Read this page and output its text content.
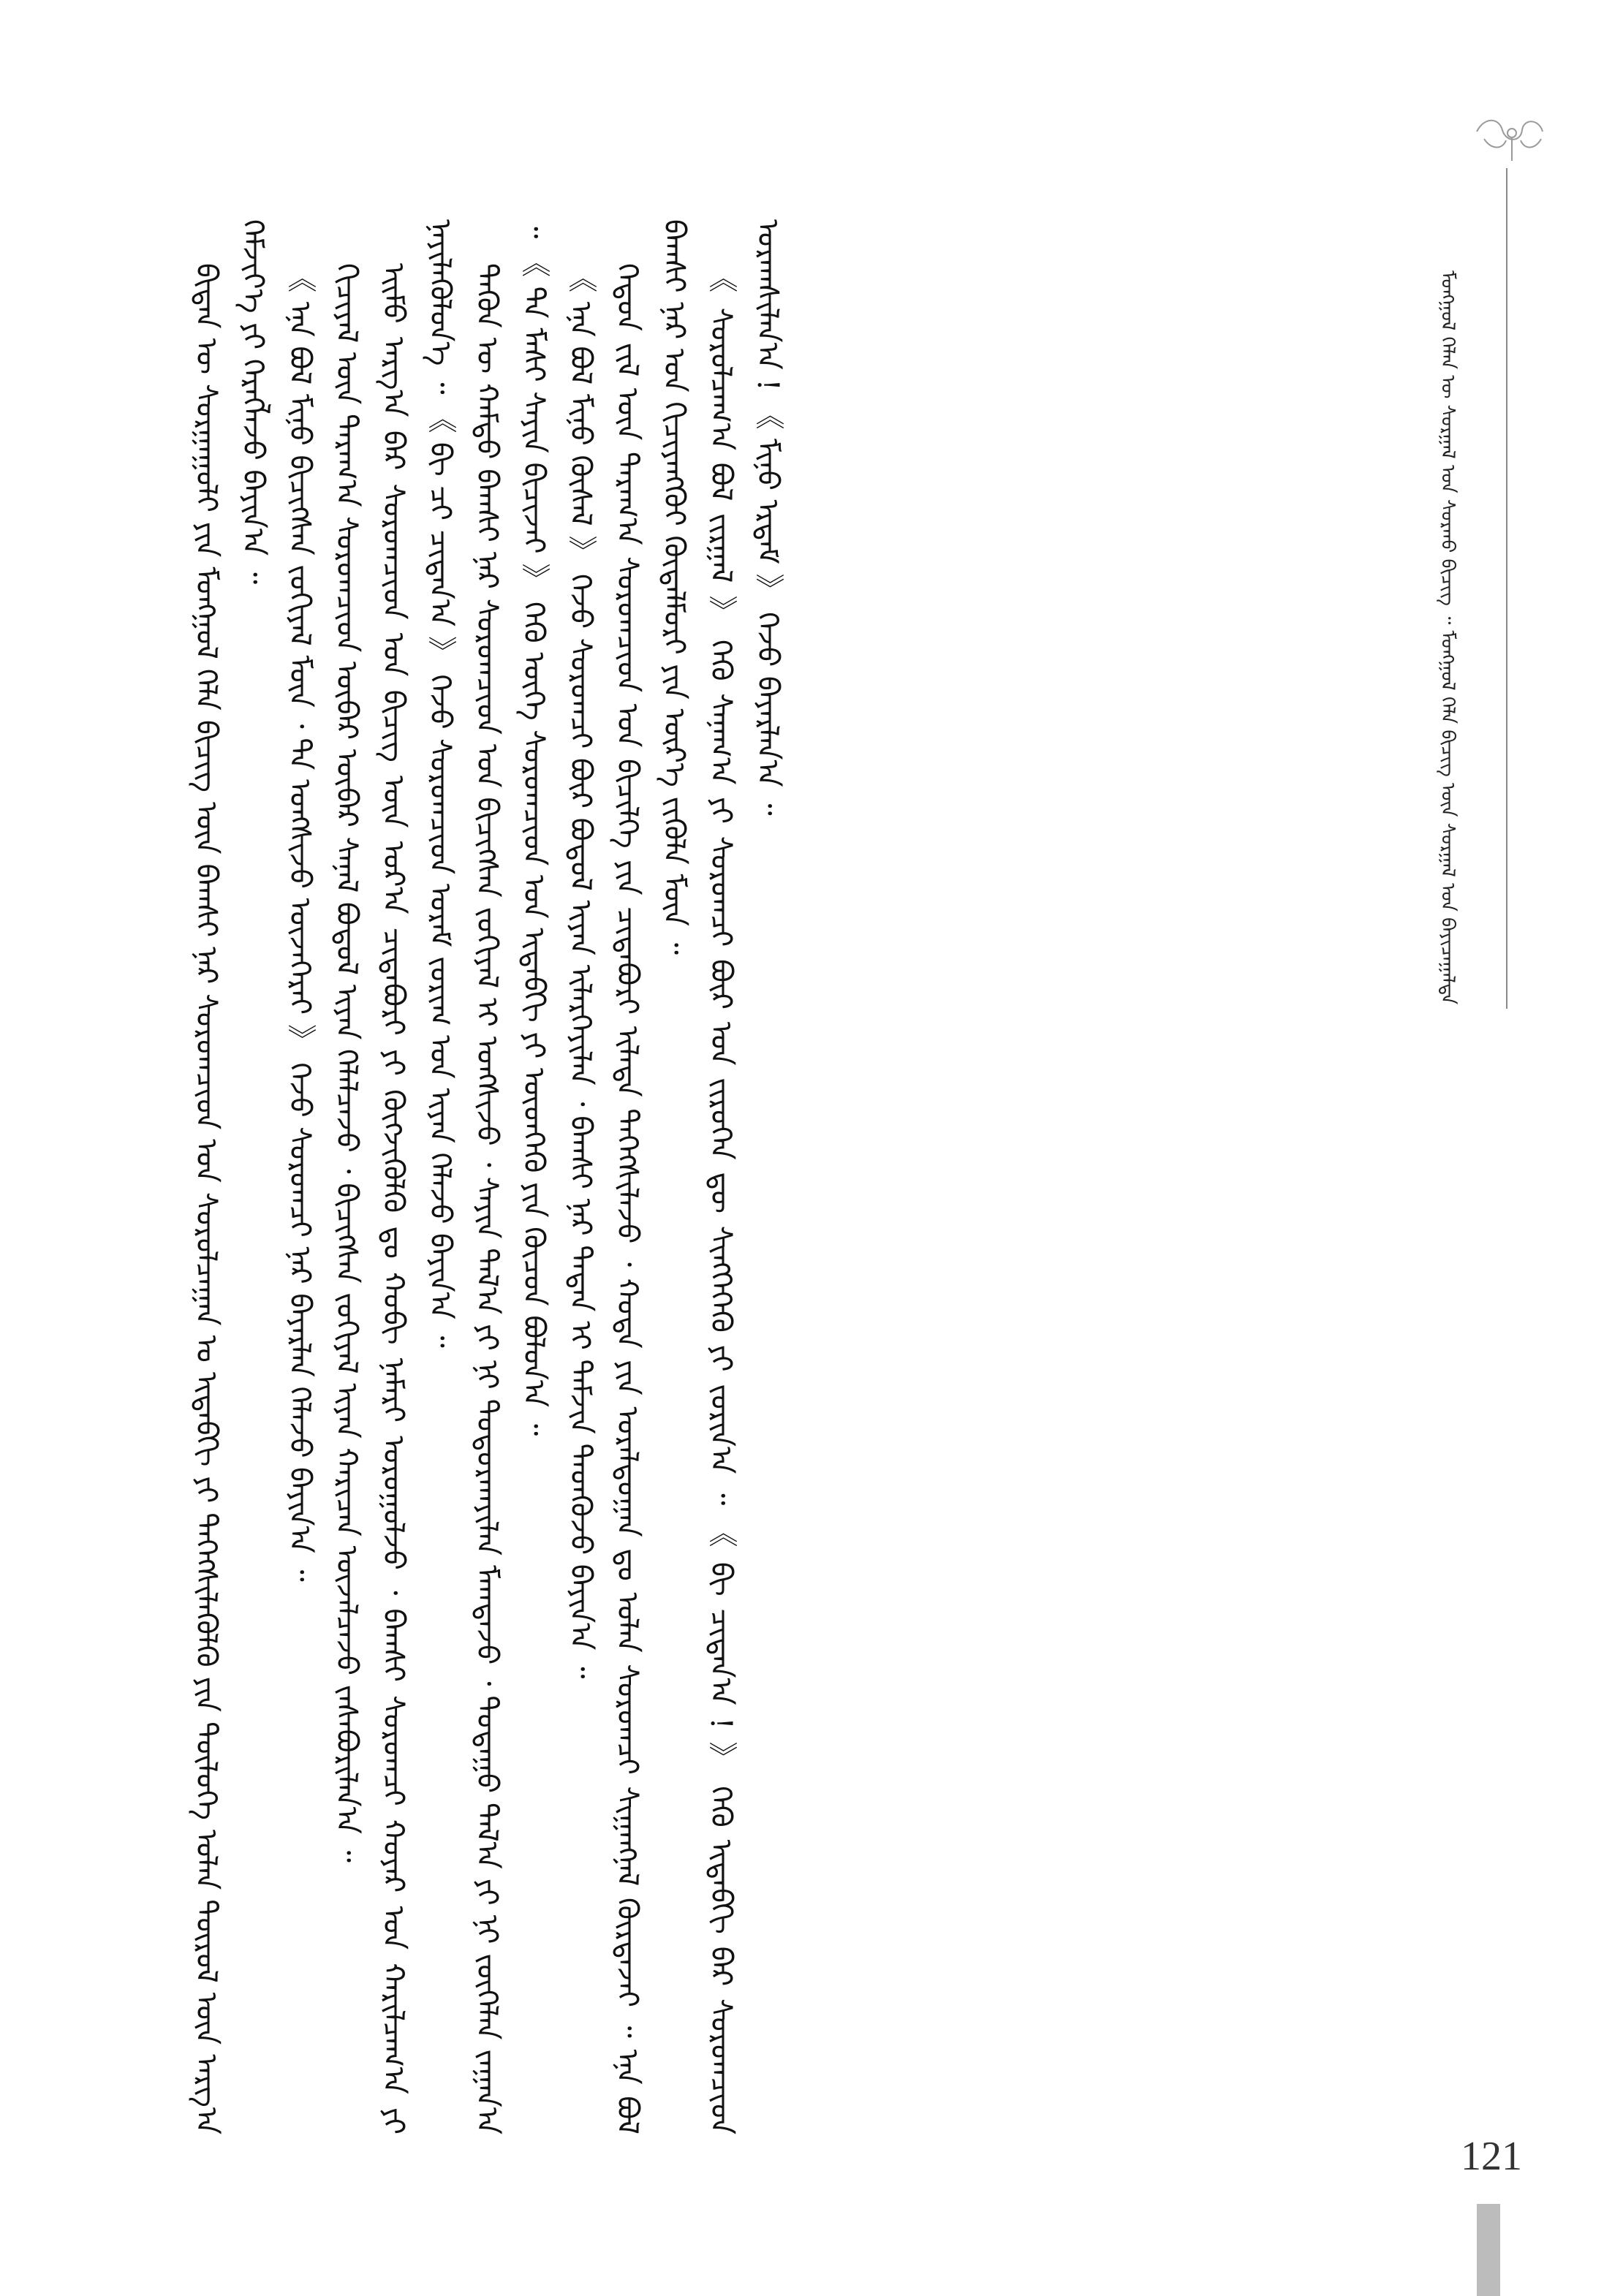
ᠮᠣᠩᠭᠣᠯ ᠬᠡᠯᠡᠨ ᠦ ᠰᠤᠷᠭᠠᠯ ᠤᠨ ᠰᠤᠷᠬᠤ ᠪᠢᠴᠢᠭ ᠃ ᠮᠣᠩᠭᠣᠯ ᠬᠡᠯᠡ ᠪᠢᠴᠢᠭ ᠦᠨ ᠰᠤᠷᠭᠠᠯ ᠤᠨ ᠪᠠᠶᠢᠴᠠᠭᠠᠯᠲᠠ

ᠪᠢᠳᠡᠨ ᠦ ᠰᠤᠷᠭᠠᠭᠤᠯᠢ ᠶᠢᠨ ᠮᠣᠩᠭᠣᠯ ᠬᠡᠯᠡ ᠪᠢᠴᠢᠭ ᠦᠨ ᠪᠠᠭᠰᠢ ᠨᠠᠷ ᠰᠤᠷᠤᠭᠴᠢᠳ ᠤᠨ ᠰᠤᠷᠤᠯᠴᠠᠭᠠᠨ ᠤ ᠢᠳᠡᠪᠬᠢ ᠶᠢ ᠳᠡᠭᠡᠭᠰᠢᠯᠡᠭᠦᠯᠬᠦ ᠶᠢᠨ ᠲᠥᠯᠦᠭᠡ ᠣᠯᠠᠨ ᠲᠥᠷᠦᠯ ᠦᠨ ᠠᠷᠭ᠎ᠠ ᠬᠡᠮᠵᠢᠶ᠎ᠡ ᠶᠢ ᠬᠡᠷᠡᠭᠯᠡᠵᠦ ᠪᠠᠶᠢᠨ᠎ᠠ ᠃ 《 ᠡᠨᠡ ᠪᠣᠯ ᠮᠢᠨᠦ ᠪᠢᠴᠢᠭᠰᠡᠨ ᠵᠣᠬᠢᠶᠠᠯ ᠮᠥᠨ ᠂ ᠲᠠ ᠤᠩᠰᠢᠵᠤ ᠦᠵᠡᠭᠡᠷᠡᠢ 》 ᠭᠡᠵᠦ ᠰᠤᠷᠤᠭᠴᠢ ᠨᠠᠷ ᠪᠠᠶᠠᠷᠯᠠᠨ ᠬᠡᠯᠡᠵᠦ ᠪᠠᠶᠢᠨ᠎ᠠ ᠃ ᠬᠢᠴᠢᠶᠡᠯ ᠦᠨ ᠳᠠᠷᠠᠭ᠎ᠠ ᠰᠤᠷᠤᠭᠴᠢᠳ ᠥᠪᠡᠷ ᠥᠪᠡᠷ ᠰᠠᠨᠠᠯ ᠪᠣᠳᠤᠯ ᠢᠶᠠᠨ ᠬᠡᠯᠡᠯᠴᠡᠵᠦ ᠂ ᠪᠢᠴᠢᠭᠰᠡᠨ ᠵᠣᠬᠢᠶᠠᠯ ᠢᠶᠠᠨ ᠬᠠᠷᠢᠴᠠᠨ ᠦᠵᠡᠯᠴᠡᠵᠦ ᠵᠠᠰᠠᠪᠤᠷᠢᠯᠠᠨ᠎ᠠ ᠃ ᠡᠢᠮᠦ ᠠᠷᠭ᠎ᠠ ᠪᠠᠷ ᠰᠤᠷᠤᠭᠴᠢᠳ ᠤᠨ ᠪᠢᠴᠢᠭ ᠦᠨ ᠤᠷ᠎ᠠ ᠴᠢᠳᠠᠪᠤᠷᠢ ᠶᠢ ᠬᠥᠭᠵᠢᠭᠦᠯᠬᠦ ᠳᠤ ᠬᠤᠪᠢ ᠨᠡᠮᠡᠷᠢ ᠣᠷᠤᠭᠤᠯᠵᠤ ᠂ ᠪᠠᠭᠰᠢ ᠰᠤᠷᠤᠭᠴᠢ ᠬᠣᠶᠠᠷ ᠤᠨ ᠬᠠᠷᠢᠯᠴᠠᠭ᠎ᠠ ᠶᠢ ᠨᠡᠶᠢᠯᠡᠭᠦᠯᠦᠨ᠎ᠡ ᠃ 《 ᠪᠢ ᠴᠢ ᠴᠢᠳᠠᠨ᠎ᠠ 》 ᠭᠡᠵᠦ ᠰᠤᠷᠤᠭᠴᠢᠳ ᠤᠷᠠᠮ ᠵᠣᠷᠢᠭ ᠤᠨ ᠢᠶᠠᠨ ᠬᠡᠯᠡᠵᠦ ᠪᠠᠶᠢᠨ᠎ᠠ ᠃ ᠲᠡᠭᠦᠨ ᠦ ᠬᠠᠮᠲᠤ ᠪᠠᠭᠰᠢ ᠨᠠᠷ ᠰᠤᠷᠤᠭᠴᠢᠳ ᠤᠨ ᠪᠢᠴᠢᠭᠰᠡᠨ ᠵᠣᠬᠢᠶᠠᠯ ᠢ ᠤᠩᠰᠢᠵᠤ ᠂ ᠰᠠᠶᠢᠨ ᠲᠠᠯ᠎ᠠ ᠶᠢ ᠨᠢ ᠲᠣᠳᠣᠷᠬᠠᠶᠢᠯᠠᠨ ᠮᠠᠭᠲᠠᠵᠤ ᠂ ᠳᠤᠲᠠᠭᠤ ᠲᠠᠯ᠎ᠠ ᠶᠢ ᠨᠢ ᠵᠦᠭᠡᠯᠡᠨ ᠵᠠᠭᠠᠨ᠎ᠠ ᠃ 《 ᠲᠠ ᠮᠠᠰᠢ ᠰᠠᠶᠢᠨ ᠪᠢᠴᠢᠵᠡᠢ 》 ᠭᠡᠬᠦ ᠦᠭᠡ ᠰᠤᠷᠤᠭᠴᠢᠳ ᠤᠨ ᠢᠳᠡᠪᠬᠢ ᠶᠢ ᠥᠳᠬᠡᠬᠦ ᠶᠢᠨ ᠬᠦᠴᠦᠨ ᠪᠣᠯᠣᠨ᠎ᠠ ᠃ 《 ᠡᠨᠡ ᠪᠣᠯ ᠮᠢᠨᠦ ᠬᠦᠰᠡᠯ 》 ᠭᠡᠵᠦ ᠰᠤᠷᠤᠭᠴᠢ ᠪᠦᠷ ᠪᠣᠳᠣᠯ ᠢᠶᠠᠨ ᠢᠯᠡᠷᠬᠡᠶᠢᠯᠡᠨ ᠂ ᠪᠠᠭᠰᠢ ᠨᠠᠷ ᠲᠡᠳᠡᠨ ᠢ ᠳᠡᠮᠵᠢᠨ ᠲᠡᠳᠬᠦᠵᠦ ᠪᠠᠶᠢᠨ᠎ᠠ ᠃ ᠬᠡᠳᠦᠨ ᠵᠢᠯ ᠦᠨ ᠳᠠᠷᠠᠭ᠎ᠠ ᠰᠤᠷᠤᠭᠴᠢᠳ ᠤᠨ ᠪᠢᠴᠢᠯᠭᠡ ᠶᠢᠨ ᠴᠢᠳᠠᠪᠤᠷᠢ ᠢᠯᠡᠲᠡ ᠳᠡᠭᠡᠭᠰᠢᠯᠡᠵᠦ ᠂ ᠬᠣᠲᠠ ᠶᠢᠨ ᠤᠷᠠᠯᠳᠤᠭᠠᠨ ᠳᠤ ᠣᠯᠠᠨ ᠰᠤᠷᠤᠭᠴᠢ ᠰᠢᠭᠠᠩᠨᠠᠯ ᠬᠦᠷᠲᠡᠵᠡᠢ ᠃ ᠡᠨᠡ ᠪᠣᠯ ᠪᠠᠭᠰᠢ ᠨᠠᠷ ᠤᠨ ᠬᠢᠴᠢᠶᠡᠩᠭᠦᠢ ᠬᠥᠳᠡᠯᠮᠦᠷᠢ ᠶᠢᠨ ᠦᠷ᠎ᠡ ᠵᠢᠭᠦᠯᠡ ᠮᠥᠨ ᠃ 《 ᠰᠤᠷᠤᠯᠴᠠᠭ᠎ᠠ ᠪᠣᠯ ᠵᠢᠷᠭᠠᠯ 》 ᠭᠡᠬᠦ ᠰᠠᠨᠠᠭ᠎ᠠ ᠶᠢ ᠰᠤᠷᠤᠭᠴᠢ ᠪᠦᠷ ᠤᠨ ᠵᠢᠷᠦᠬᠡᠨ ᠳᠦ ᠰᠢᠩᠭᠡᠭᠡᠬᠦ ᠶᠢ ᠵᠣᠷᠢᠨ᠎ᠠ ᠃ 《 ᠪᠢ ᠴᠢᠳᠠᠨ᠎ᠠ ! 》 ᠭᠡᠬᠦ ᠢᠳᠡᠪᠬᠢ ᠪᠠᠷ ᠰᠤᠷᠤᠭᠴᠢᠳ ᠤᠷᠠᠭᠰᠢᠯᠠᠨ᠎ᠠ ! 《 ᠮᠢᠨᠦ ᠡᠷᠳᠡᠮ 》 ᠭᠡᠵᠦ ᠪᠠᠶᠠᠷᠯᠠᠨ᠎ᠠ ᠃

121
